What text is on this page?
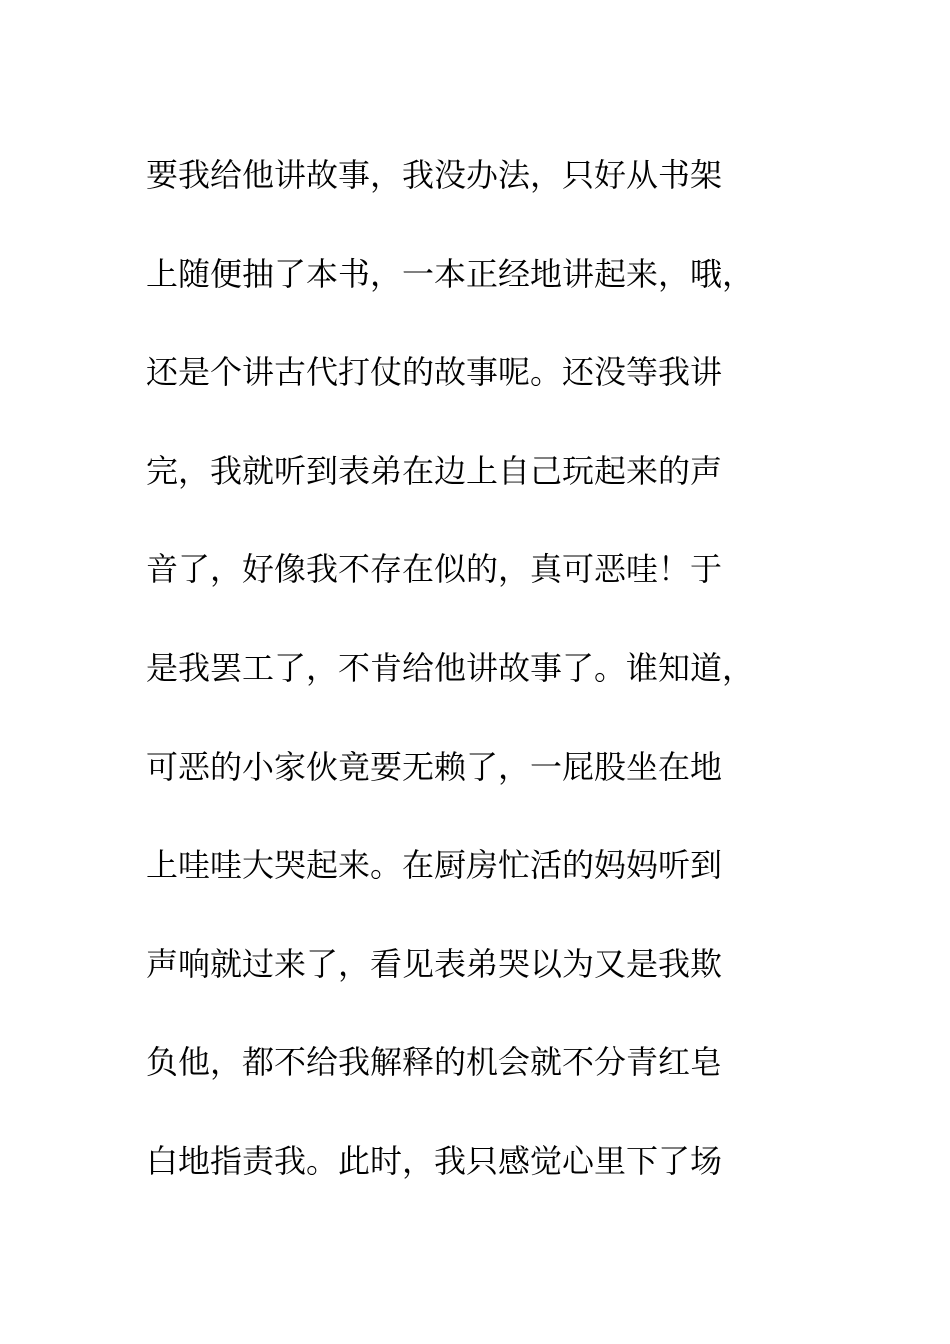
要我给他讲故事，我没办法，只好从书架
上随便抽了本书，一本正经地讲起来，哦，
还是个讲古代打仗的故事呢。还没等我讲
完，我就听到表弟在边上自己玩起来的声
音了，好像我不存在似的，真可恶哇！于
是我罢工了，不肯给他讲故事了。谁知道，
可恶的小家伙竟要无赖了，一屁股坐在地
上哇哇大哭起来。在厨房忙活的妈妈听到
声响就过来了，看见表弟哭以为又是我欺
负他，都不给我解释的机会就不分青红皂
白地指责我。此时，我只感觉心里下了场
